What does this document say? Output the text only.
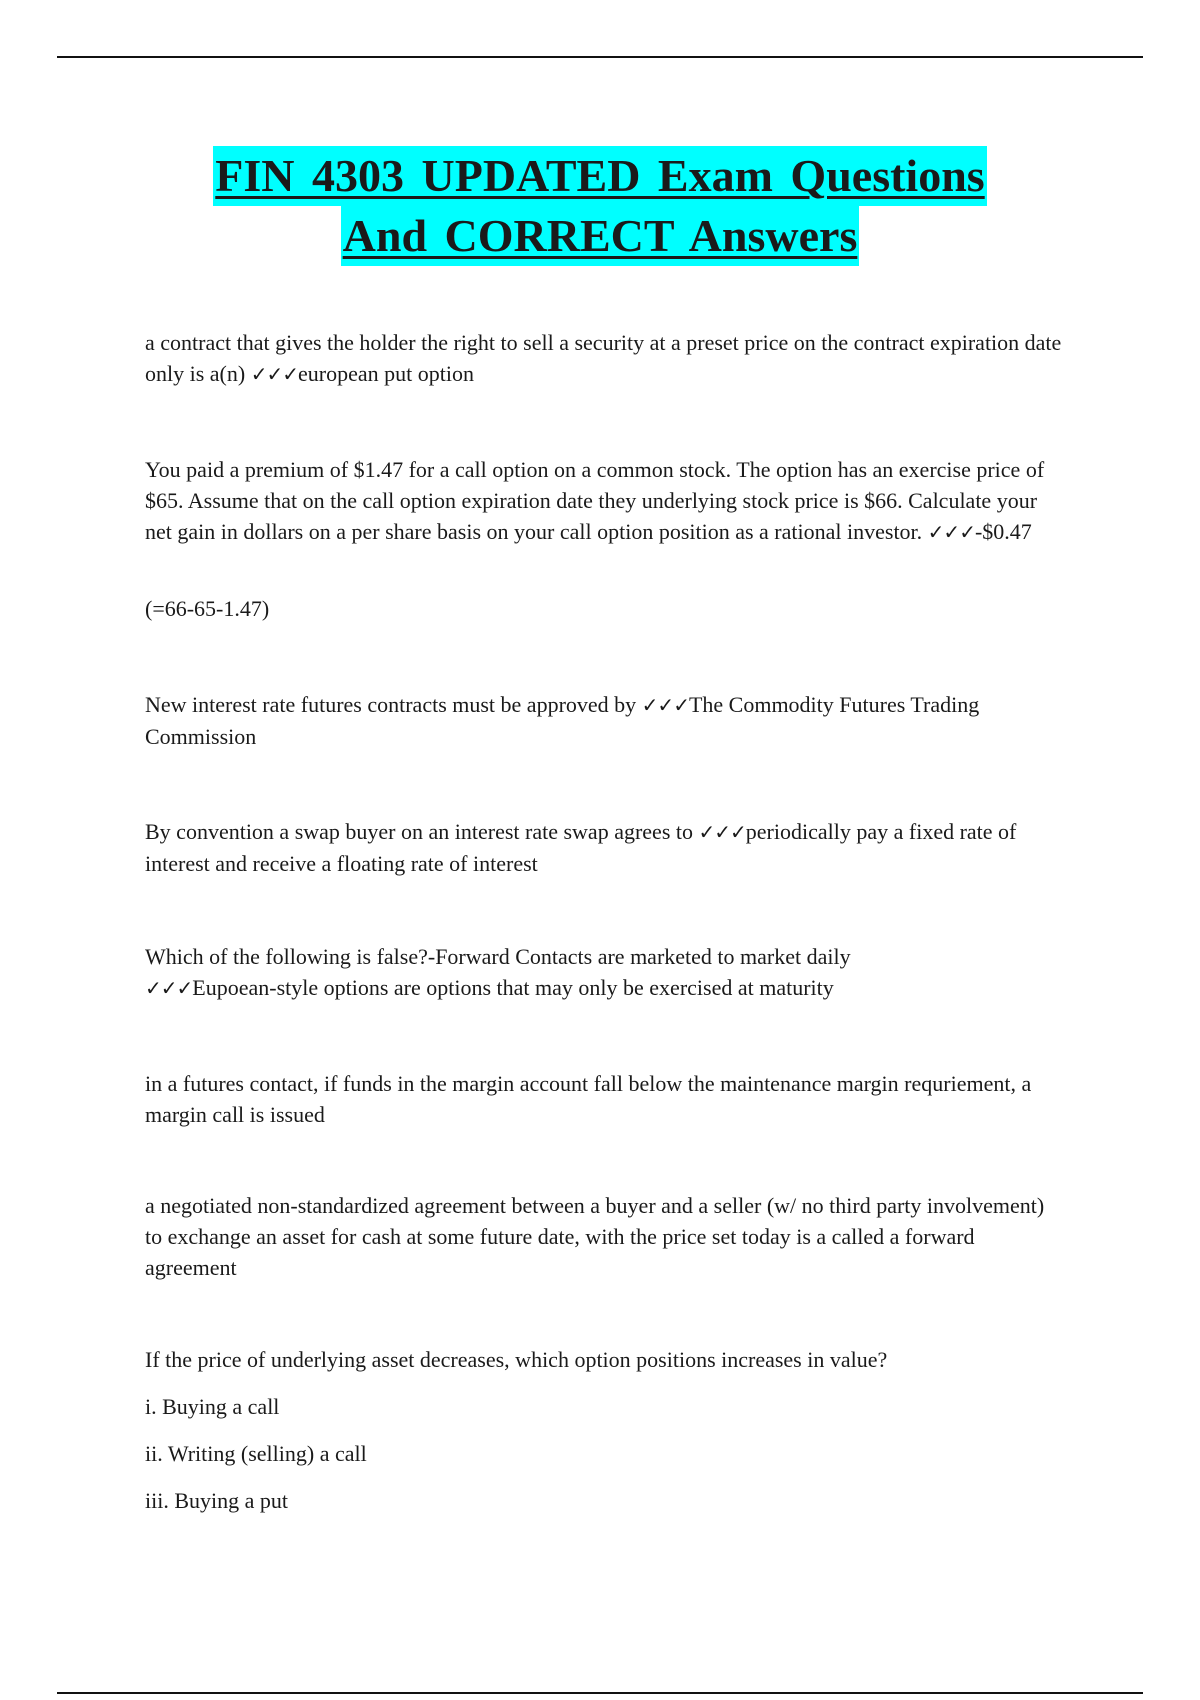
FIN 4303 UPDATED Exam Questions
And CORRECT Answers

a contract that gives the holder the right to sell a security at a preset price on the contract expiration date only is a(n) ✓✓✓european put option

You paid a premium of $1.47 for a call option on a common stock. The option has an exercise price of $65. Assume that on the call option expiration date they underlying stock price is $66. Calculate your net gain in dollars on a per share basis on your call option position as a rational investor. ✓✓✓-$0.47

(=66-65-1.47)

New interest rate futures contracts must be approved by ✓✓✓The Commodity Futures Trading Commission

By convention a swap buyer on an interest rate swap agrees to ✓✓✓periodically pay a fixed rate of interest and receive a floating rate of interest

Which of the following is false?-Forward Contacts are marketed to market daily
✓✓✓Eupoean-style options are options that may only be exercised at maturity

in a futures contact, if funds in the margin account fall below the maintenance margin requriement, a margin call is issued

a negotiated non-standardized agreement between a buyer and a seller (w/ no third party involvement) to exchange an asset for cash at some future date, with the price set today is a called a forward agreement

If the price of underlying asset decreases, which option positions increases in value?

i. Buying a call
ii. Writing (selling) a call
iii. Buying a put
